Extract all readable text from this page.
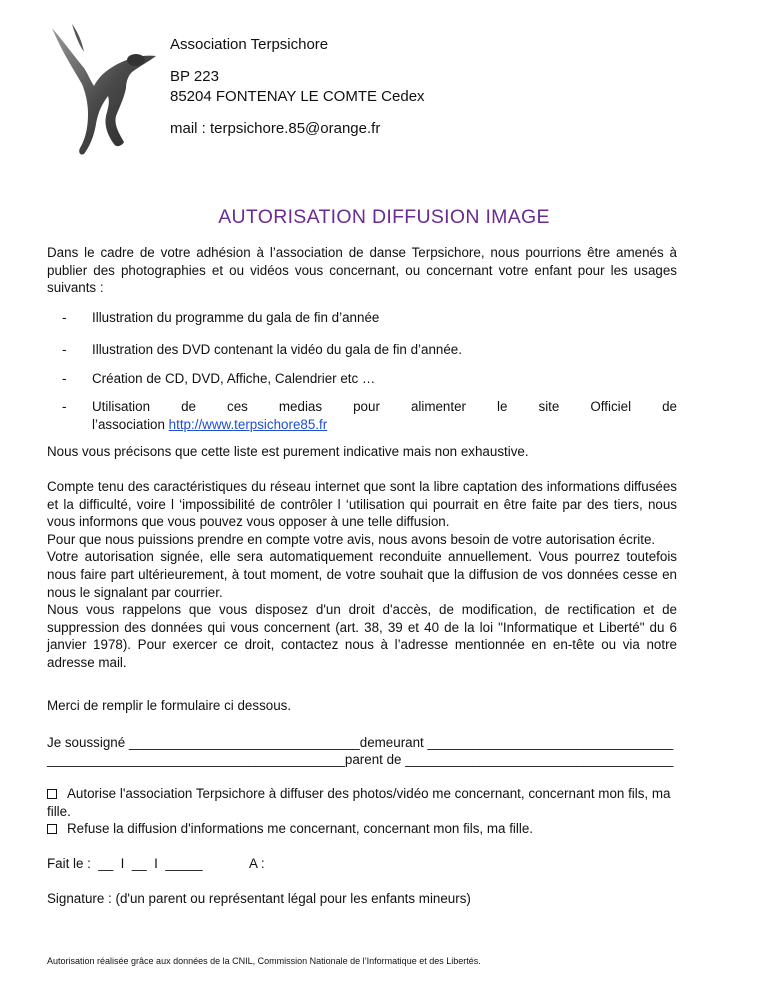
Association Terpsichore
BP 223
85204 FONTENAY LE COMTE Cedex
mail : terpsichore.85@orange.fr
AUTORISATION DIFFUSION IMAGE
Dans le cadre de votre adhésion à l’association de danse Terpsichore, nous pourrions être amenés à publier des photographies et ou vidéos vous concernant, ou concernant votre enfant pour les usages suivants :
- Illustration du programme du gala de fin d’année
- Illustration des DVD contenant la vidéo du gala de fin d’année.
- Création de CD, DVD, Affiche, Calendrier etc …
- Utilisation de ces medias pour alimenter le site Officiel de
l’association http://www.terpsichore85.fr
Nous vous précisons que cette liste est purement indicative mais non exhaustive.
Compte tenu des caractéristiques du réseau internet que sont la libre captation des informations diffusées et la difficulté, voire l ‘impossibilité de contrôler l ‘utilisation qui pourrait en être faite par des tiers, nous vous informons que vous pouvez vous opposer à une telle diffusion.
Pour que nous puissions prendre en compte votre avis, nous avons besoin de votre autorisation écrite.
Votre autorisation signée, elle sera automatiquement reconduite annuellement. Vous pourrez toutefois nous faire part ultérieurement, à tout moment, de votre souhait que la diffusion de vos données cesse en nous le signalant par courrier.
Nous vous rappelons que vous disposez d'un droit d'accès, de modification, de rectification et de suppression des données qui vous concernent (art. 38, 39 et 40 de la loi "Informatique et Liberté" du 6 janvier 1978). Pour exercer ce droit, contactez nous à l’adresse mentionnée en en-tête ou via notre adresse mail.
Merci de remplir le formulaire ci dessous.
Je soussigné _______________________________demeurant _________________________________
________________________________________parent de ____________________________________
Autorise l'association Terpsichore à diffuser des photos/vidéo me concernant, concernant mon fils, ma fille.
Refuse la diffusion d'informations me concernant, concernant mon fils, ma fille.
Fait le :  __  I  __  I  _____	A :
Signature : (d'un parent ou représentant légal pour les enfants mineurs)
Autorisation réalisée grâce aux données de la CNIL, Commission Nationale de l’Informatique et des Libertés.
